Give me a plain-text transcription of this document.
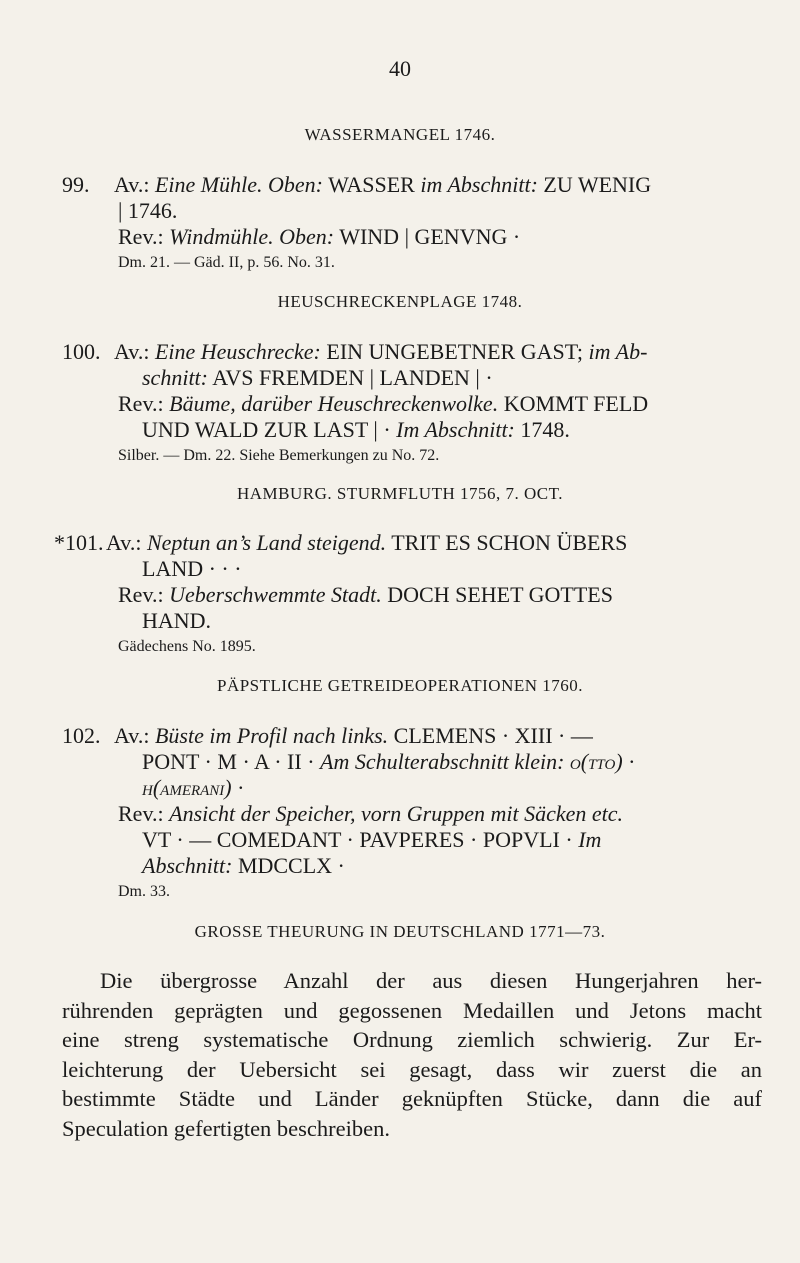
40
WASSERMANGEL 1746.
99. Av.: Eine Mühle. Oben: WASSER im Abschnitt: ZU WENIG
| 1746.
Rev.: Windmühle. Oben: WIND | GENVNG ·
Dm. 21. — Gäd. II, p. 56. No. 31.
HEUSCHRECKENPLAGE 1748.
100. Av.: Eine Heuschrecke: EIN UNGEBETNER GAST; im Ab-
schnitt: AVS FREMDEN | LANDEN | ·
Rev.: Bäume, darüber Heuschreckenwolke. KOMMT FELD
UND WALD ZUR LAST | · Im Abschnitt: 1748.
Silber. — Dm. 22. Siehe Bemerkungen zu No. 72.
HAMBURG. STURMFLUTH 1756, 7. OCT.
*101. Av.: Neptun an’s Land steigend. TRIT ES SCHON ÜBERS
LAND · · ·
Rev.: Ueberschwemmte Stadt. DOCH SEHET GOTTES
HAND.
Gädechens No. 1895.
PÄPSTLICHE GETREIDEOPERATIONEN 1760.
102. Av.: Büste im Profil nach links. CLEMENS · XIII · —
PONT · M · A · II · Am Schulterabschnitt klein: o(tto) ·
h(amerani) ·
Rev.: Ansicht der Speicher, vorn Gruppen mit Säcken etc.
VT · — COMEDANT · PAVPERES · POPVLI · Im
Abschnitt: MDCCLX ·
Dm. 33.
GROSSE THEURUNG IN DEUTSCHLAND 1771—73.
Die übergrosse Anzahl der aus diesen Hungerjahren her-
rührenden geprägten und gegossenen Medaillen und Jetons macht
eine streng systematische Ordnung ziemlich schwierig. Zur Er-
leichterung der Uebersicht sei gesagt, dass wir zuerst die an
bestimmte Städte und Länder geknüpften Stücke, dann die auf
Speculation gefertigten beschreiben.
